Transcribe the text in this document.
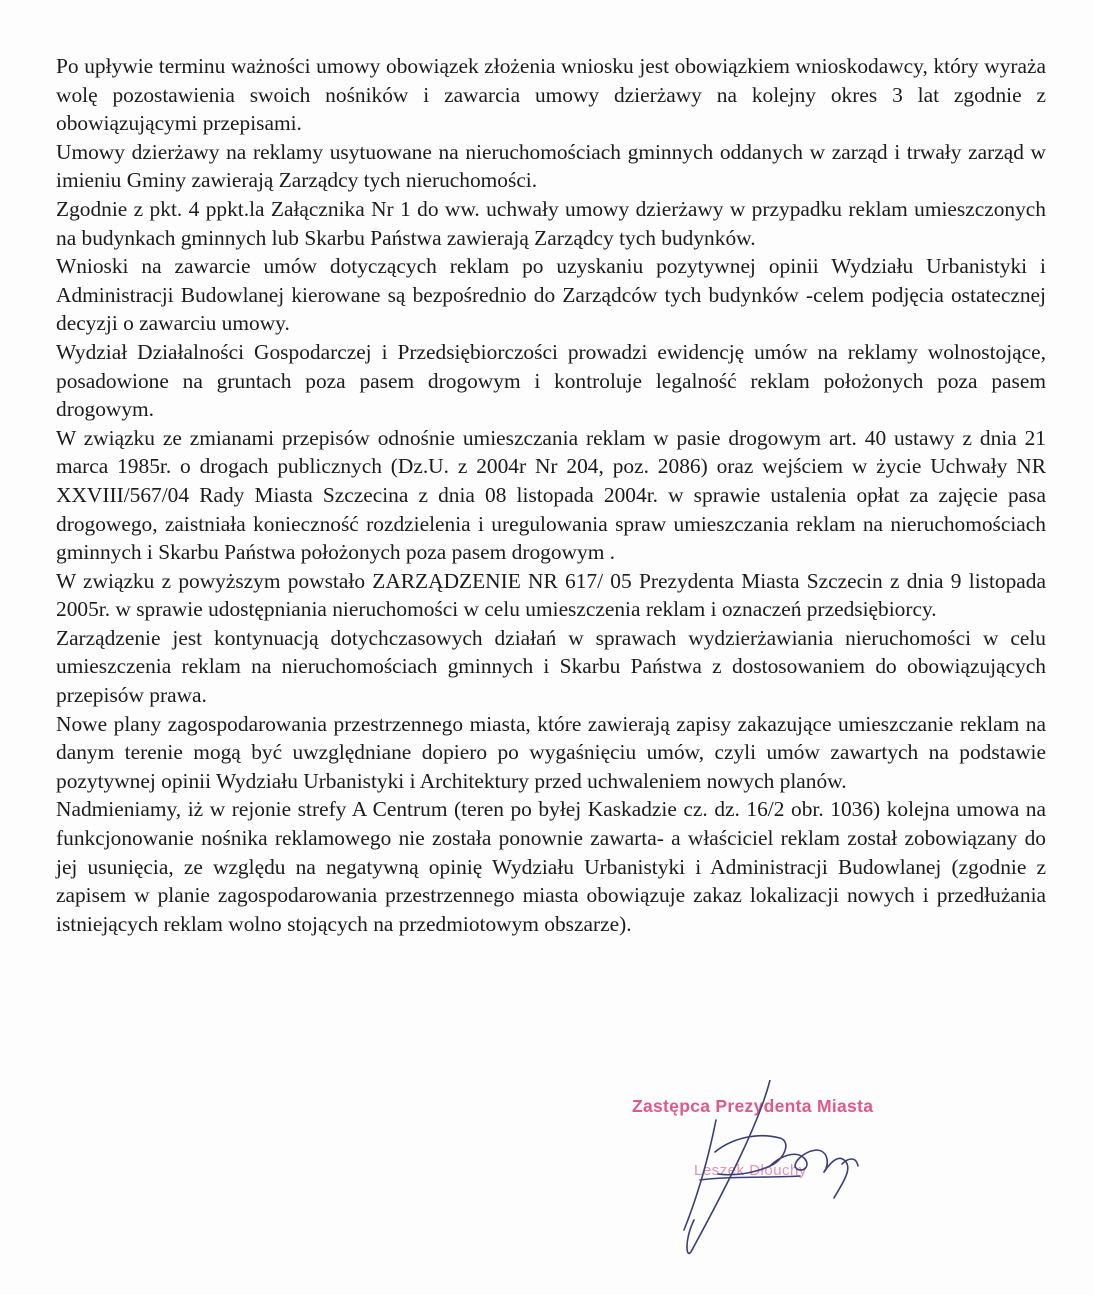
Po upływie terminu ważności umowy obowiązek złożenia wniosku jest obowiązkiem wnioskodawcy, który wyraża wolę pozostawienia swoich nośników i zawarcia umowy dzierżawy na kolejny okres 3 lat zgodnie z obowiązującymi przepisami.

Umowy dzierżawy na reklamy usytuowane na nieruchomościach gminnych oddanych w zarząd i trwały zarząd w imieniu Gminy zawierają Zarządcy tych nieruchomości.

Zgodnie z pkt. 4 ppkt.la Załącznika Nr 1 do ww. uchwały umowy dzierżawy w przypadku reklam umieszczonych na budynkach gminnych lub Skarbu Państwa zawierają Zarządcy tych budynków.

Wnioski na zawarcie umów dotyczących reklam po uzyskaniu pozytywnej opinii Wydziału Urbanistyki i Administracji Budowlanej kierowane są bezpośrednio do Zarządców tych budynków -celem podjęcia ostatecznej decyzji o zawarciu umowy.

Wydział Działalności Gospodarczej i Przedsiębiorczości prowadzi ewidencję umów na reklamy wolnostojące, posadowione na gruntach poza pasem drogowym i kontroluje legalność reklam położonych poza pasem drogowym.

W związku ze zmianami przepisów odnośnie umieszczania reklam w pasie drogowym art. 40 ustawy z dnia 21 marca 1985r. o drogach publicznych (Dz.U. z 2004r Nr 204, poz. 2086) oraz wejściem w życie Uchwały NR XXVIII/567/04 Rady Miasta Szczecina z dnia 08 listopada 2004r. w sprawie ustalenia opłat za zajęcie pasa drogowego, zaistniała konieczność rozdzielenia i uregulowania spraw umieszczania reklam na nieruchomościach gminnych i Skarbu Państwa położonych poza pasem drogowym .

W związku z powyższym powstało ZARZĄDZENIE NR 617/ 05 Prezydenta Miasta Szczecin z dnia 9 listopada 2005r. w sprawie udostępniania nieruchomości w celu umieszczenia reklam i oznaczeń przedsiębiorcy.

Zarządzenie jest kontynuacją dotychczasowych działań w sprawach wydzierżawiania nieruchomości w celu umieszczenia reklam na nieruchomościach gminnych i Skarbu Państwa z dostosowaniem do obowiązujących przepisów prawa.

Nowe plany zagospodarowania przestrzennego miasta, które zawierają zapisy zakazujące umieszczanie reklam na danym terenie mogą być uwzględniane dopiero po wygaśnięciu umów, czyli umów zawartych na podstawie pozytywnej opinii Wydziału Urbanistyki i Architektury przed uchwaleniem nowych planów.

Nadmieniamy, iż w rejonie strefy A Centrum (teren po byłej Kaskadzie cz. dz. 16/2 obr. 1036) kolejna umowa na funkcjonowanie nośnika reklamowego nie została ponownie zawarta- a właściciel reklam został zobowiązany do jej usunięcia, ze względu na negatywną opinię Wydziału Urbanistyki i Administracji Budowlanej (zgodnie z zapisem w planie zagospodarowania przestrzennego miasta obowiązuje zakaz lokalizacji nowych i przedłużania istniejących reklam wolno stojących na przedmiotowym obszarze).

Zastępca Prezydenta Miasta
Leszek Dłouchy
